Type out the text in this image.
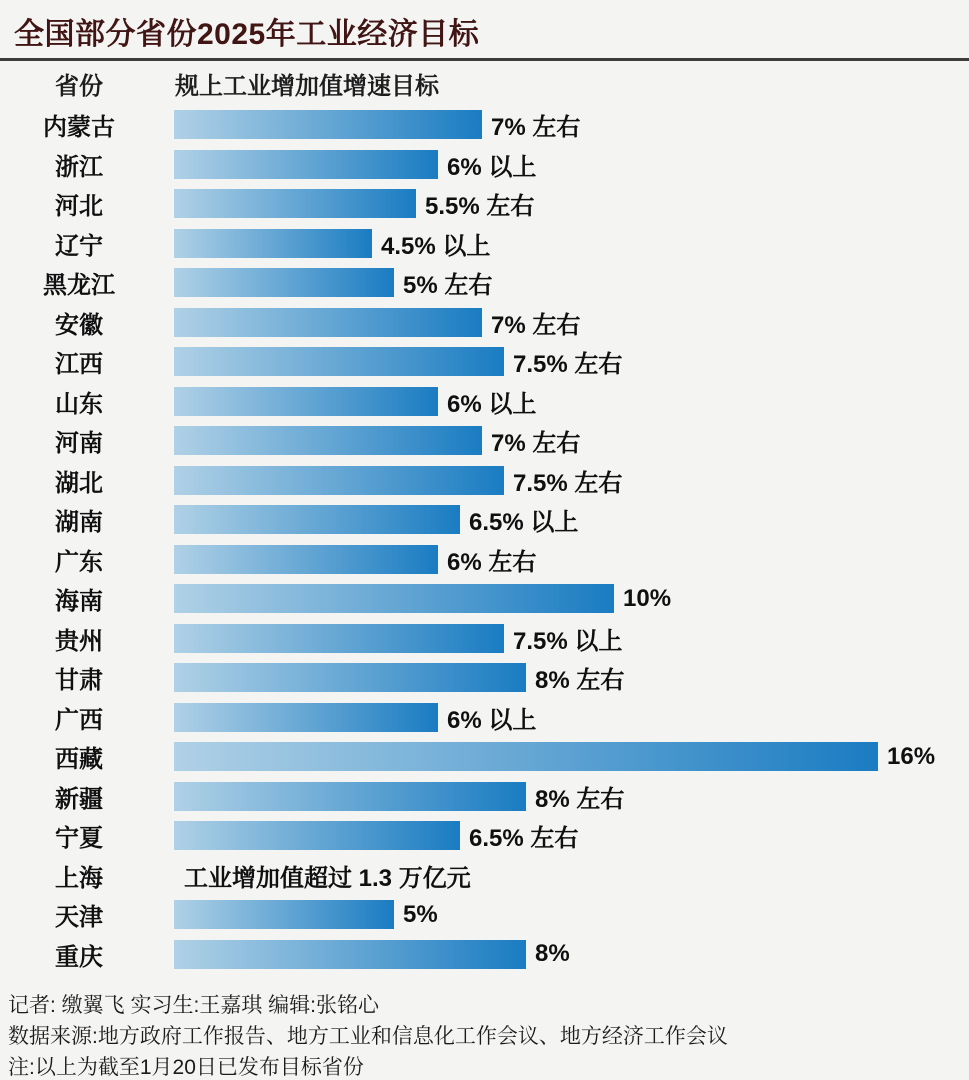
全国部分省份2025年工业经济目标
省份	规上工业增加值增速目标
内蒙古	7% 左右
浙江	6% 以上
河北	5.5% 左右
辽宁	4.5% 以上
黑龙江	5% 左右
安徽	7% 左右
江西	7.5% 左右
山东	6% 以上
河南	7% 左右
湖北	7.5% 左右
湖南	6.5% 以上
广东	6% 左右
海南	10%
贵州	7.5% 以上
甘肃	8% 左右
广西	6% 以上
西藏	16%
新疆	8% 左右
宁夏	6.5% 左右
上海	工业增加值超过 1.3 万亿元
天津	5%
重庆	8%
记者: 缴翼飞 实习生:王嘉琪 编辑:张铭心
数据来源:地方政府工作报告、地方工业和信息化工作会议、地方经济工作会议
注:以上为截至1月20日已发布目标省份
